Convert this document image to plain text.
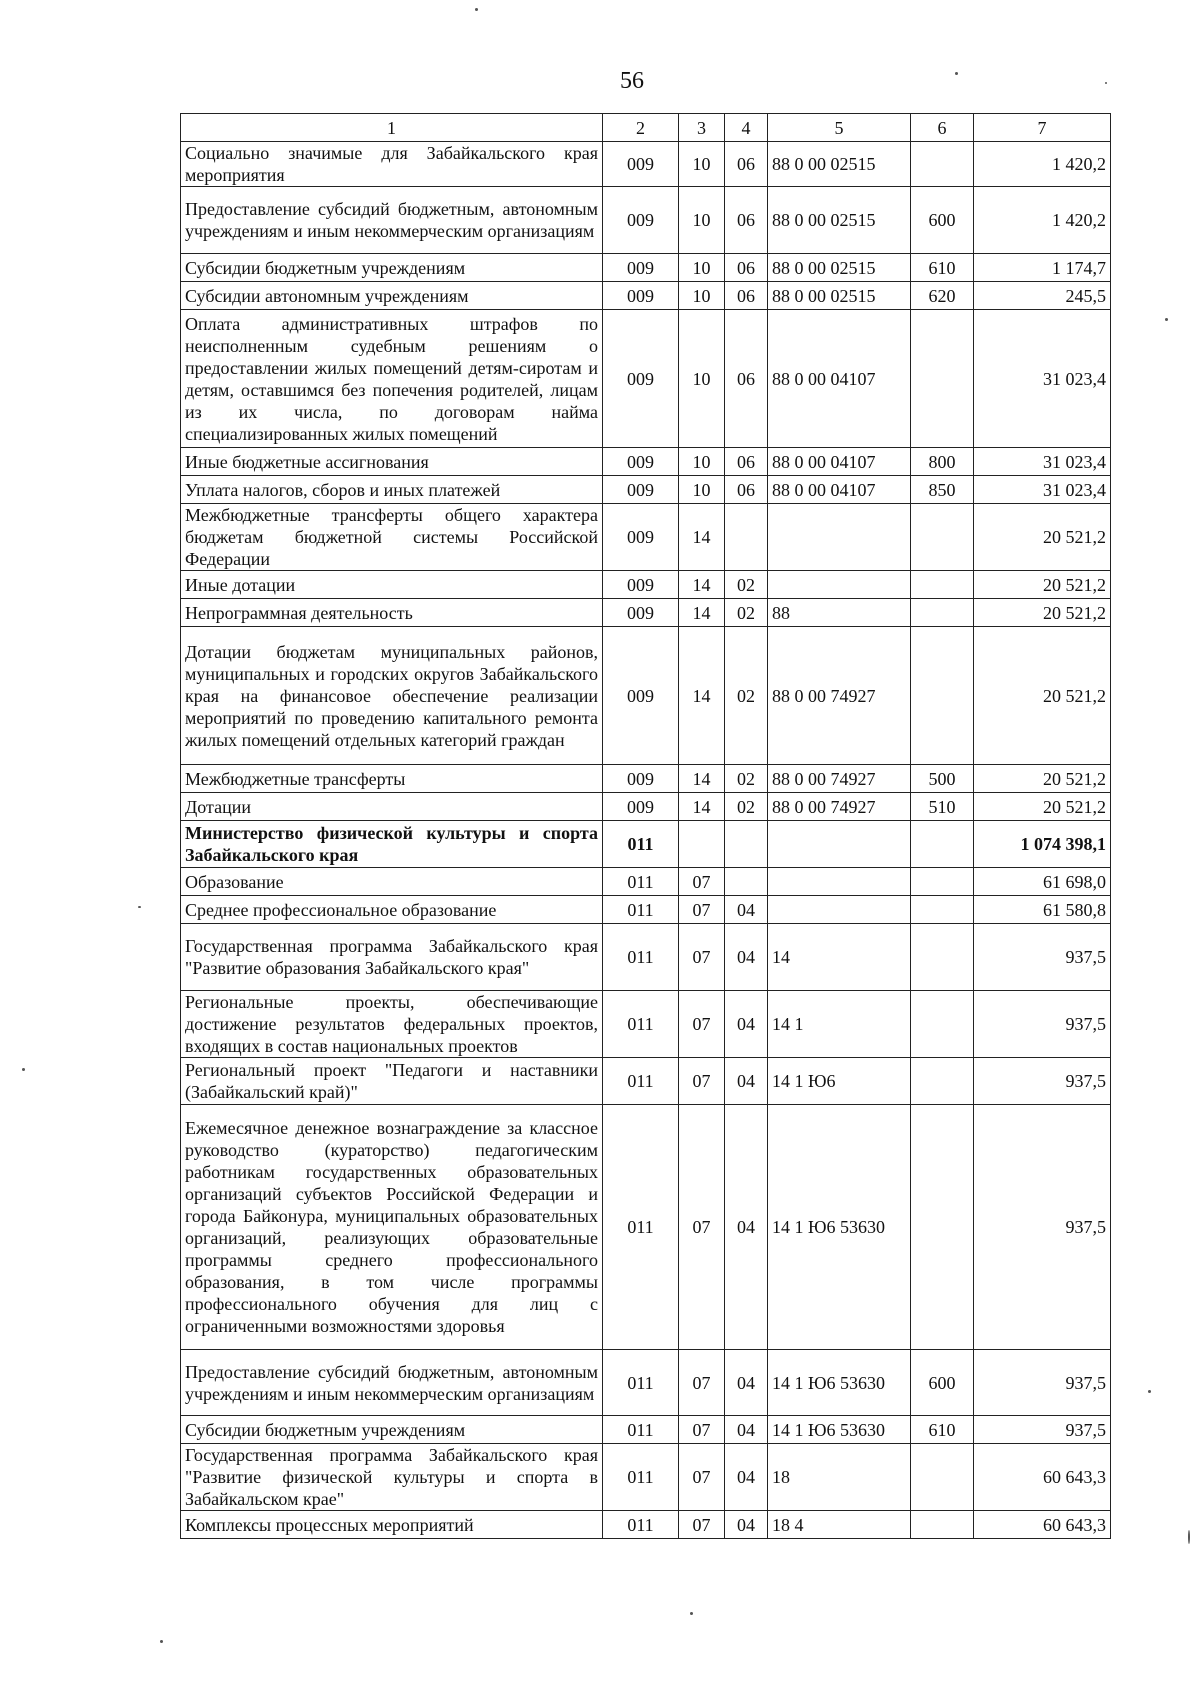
56
1	2	3	4	5	6	7
Социально значимые для Забайкальского края мероприятия	009	10	06	88 0 00 02515		1 420,2
Предоставление субсидий бюджетным, автономным учреждениям и иным некоммерческим организациям	009	10	06	88 0 00 02515	600	1 420,2
Субсидии бюджетным учреждениям	009	10	06	88 0 00 02515	610	1 174,7
Субсидии автономным учреждениям	009	10	06	88 0 00 02515	620	245,5
Оплата административных штрафов по неисполненным судебным решениям о предоставлении жилых помещений детям-сиротам и детям, оставшимся без попечения родителей, лицам из их числа, по договорам найма специализированных жилых помещений	009	10	06	88 0 00 04107		31 023,4
Иные бюджетные ассигнования	009	10	06	88 0 00 04107	800	31 023,4
Уплата налогов, сборов и иных платежей	009	10	06	88 0 00 04107	850	31 023,4
Межбюджетные трансферты общего характера бюджетам бюджетной системы Российской Федерации	009	14				20 521,2
Иные дотации	009	14	02			20 521,2
Непрограммная деятельность	009	14	02	88		20 521,2
Дотации бюджетам муниципальных районов, муниципальных и городских округов Забайкальского края на финансовое обеспечение реализации мероприятий по проведению капитального ремонта жилых помещений отдельных категорий граждан	009	14	02	88 0 00 74927		20 521,2
Межбюджетные трансферты	009	14	02	88 0 00 74927	500	20 521,2
Дотации	009	14	02	88 0 00 74927	510	20 521,2
Министерство физической культуры и спорта Забайкальского края	011					1 074 398,1
Образование	011	07				61 698,0
Среднее профессиональное образование	011	07	04			61 580,8
Государственная программа Забайкальского края "Развитие образования Забайкальского края"	011	07	04	14		937,5
Региональные проекты, обеспечивающие достижение результатов федеральных проектов, входящих в состав национальных проектов	011	07	04	14 1		937,5
Региональный проект "Педагоги и наставники (Забайкальский край)"	011	07	04	14 1 Ю6		937,5
Ежемесячное денежное вознаграждение за классное руководство (кураторство) педагогическим работникам государственных образовательных организаций субъектов Российской Федерации и города Байконура, муниципальных образовательных организаций, реализующих образовательные программы среднего профессионального образования, в том числе программы профессионального обучения для лиц с ограниченными возможностями здоровья	011	07	04	14 1 Ю6 53630		937,5
Предоставление субсидий бюджетным, автономным учреждениям и иным некоммерческим организациям	011	07	04	14 1 Ю6 53630	600	937,5
Субсидии бюджетным учреждениям	011	07	04	14 1 Ю6 53630	610	937,5
Государственная программа Забайкальского края "Развитие физической культуры и спорта в Забайкальском крае"	011	07	04	18		60 643,3
Комплексы процессных мероприятий	011	07	04	18 4		60 643,3
